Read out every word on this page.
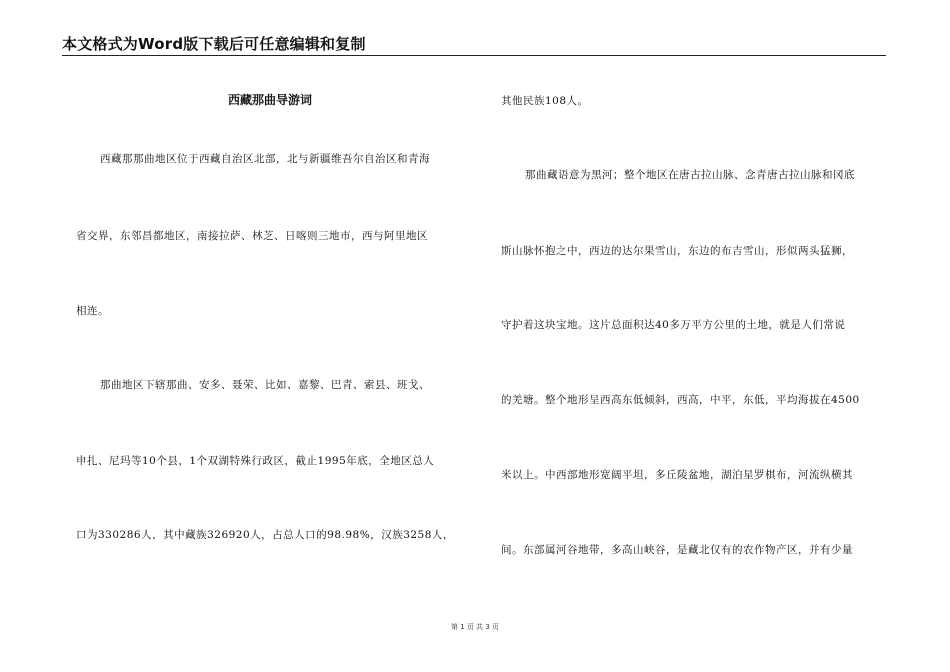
本文格式为Word版下载后可任意编辑和复制
西藏那曲导游词
西藏那那曲地区位于西藏自治区北部，北与新疆维吾尔自治区和青海
省交界，东邻昌都地区，南接拉萨、林芝、日喀则三地市，西与阿里地区
相连。
那曲地区下辖那曲、安多、聂荣、比如、嘉黎、巴青、索县、班戈、
申扎、尼玛等10个县，1个双湖特殊行政区，截止1995年底，全地区总人
口为330286人，其中藏族326920人，占总人口的98.98%，汉族3258人，
其他民族108人。
那曲藏语意为黑河；整个地区在唐古拉山脉、念青唐古拉山脉和冈底
斯山脉怀抱之中，西边的达尔果雪山，东边的布吉雪山，形似两头猛狮，
守护着这块宝地。这片总面积达40多万平方公里的土地，就是人们常说
的羌塘。整个地形呈西高东低倾斜，西高，中平，东低，平均海拔在4500
米以上。中西部地形宽阔平坦，多丘陵盆地，湖泊星罗棋布，河流纵横其
间。东部属河谷地带，多高山峡谷，是藏北仅有的农作物产区，并有少量
第 1 页 共 3 页
